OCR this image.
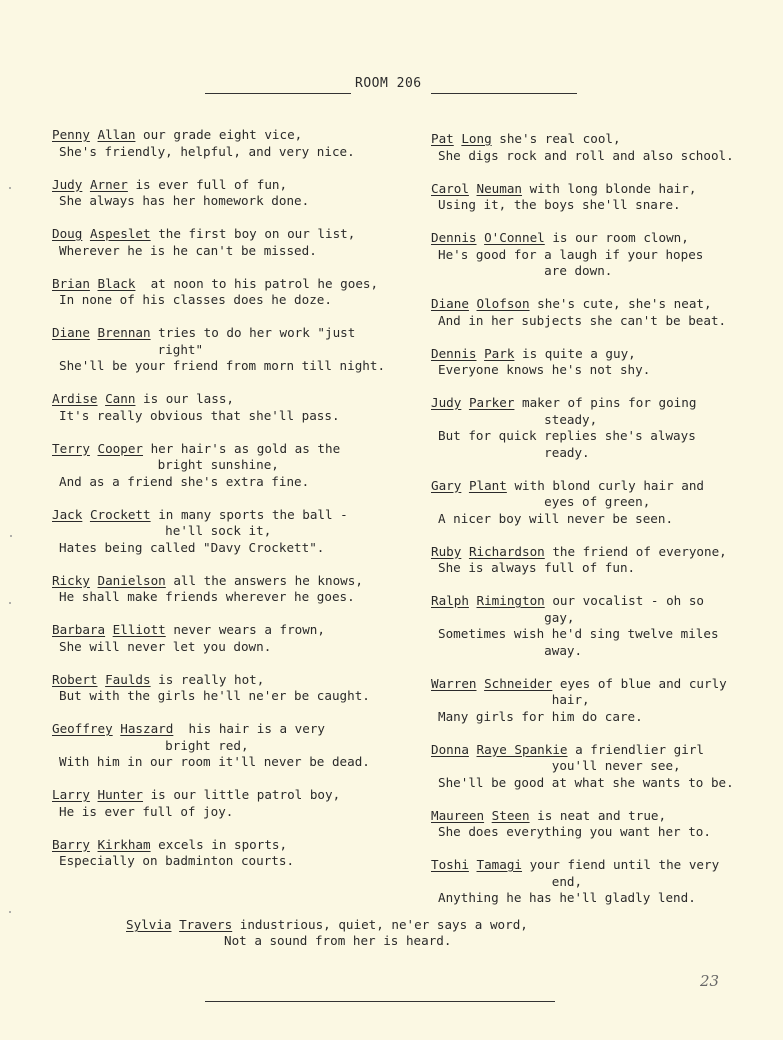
ROOM 206
Penny Allan our grade eight vice,
She's friendly, helpful, and very nice.
Judy Arner is ever full of fun,
She always has her homework done.
Doug Aspeslet the first boy on our list,
Wherever he is he can't be missed.
Brian Black  at noon to his patrol he goes,
In none of his classes does he doze.
Diane Brennan tries to do her work "just
right"
She'll be your friend from morn till night.
Ardise Cann is our lass,
It's really obvious that she'll pass.
Terry Cooper her hair's as gold as the
bright sunshine,
And as a friend she's extra fine.
Jack Crockett in many sports the ball -
he'll sock it,
Hates being called "Davy Crockett".
Ricky Danielson all the answers he knows,
He shall make friends wherever he goes.
Barbara Elliott never wears a frown,
She will never let you down.
Robert Faulds is really hot,
But with the girls he'll ne'er be caught.
Geoffrey Haszard  his hair is a very
bright red,
With him in our room it'll never be dead.
Larry Hunter is our little patrol boy,
He is ever full of joy.
Barry Kirkham excels in sports,
Especially on badminton courts.
Pat Long she's real cool,
She digs rock and roll and also school.
Carol Neuman with long blonde hair,
Using it, the boys she'll snare.
Dennis O'Connel is our room clown,
He's good for a laugh if your hopes
are down.
Diane Olofson she's cute, she's neat,
And in her subjects she can't be beat.
Dennis Park is quite a guy,
Everyone knows he's not shy.
Judy Parker maker of pins for going
steady,
But for quick replies she's always
ready.
Gary Plant with blond curly hair and
eyes of green,
A nicer boy will never be seen.
Ruby Richardson the friend of everyone,
She is always full of fun.
Ralph Rimington our vocalist - oh so
gay,
Sometimes wish he'd sing twelve miles
away.
Warren Schneider eyes of blue and curly
hair,
Many girls for him do care.
Donna Raye Spankie a friendlier girl
you'll never see,
She'll be good at what she wants to be.
Maureen Steen is neat and true,
She does everything you want her to.
Toshi Tamagi your fiend until the very
end,
Anything he has he'll gladly lend.
Sylvia Travers industrious, quiet, ne'er says a word,
Not a sound from her is heard.
23
